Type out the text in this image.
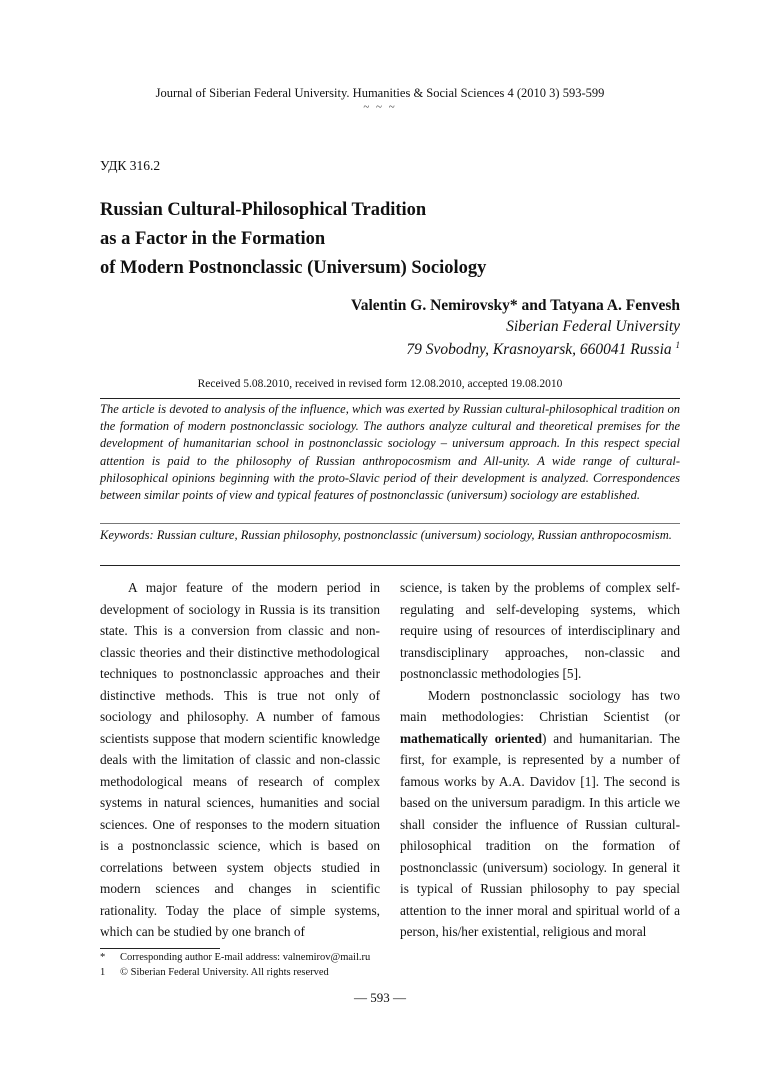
Journal of Siberian Federal University. Humanities & Social Sciences 4 (2010 3) 593-599
~ ~ ~
УДК 316.2
Russian Cultural-Philosophical Tradition
as a Factor in the Formation
of Modern Postnonclassic (Universum) Sociology
Valentin G. Nemirovsky* and Tatyana A. Fenvesh
Siberian Federal University
79 Svobodny, Krasnoyarsk, 660041 Russia $^1$
Received 5.08.2010, received in revised form 12.08.2010, accepted 19.08.2010
The article is devoted to analysis of the influence, which was exerted by Russian cultural-philosophical tradition on the formation of modern postnonclassic sociology. The authors analyze cultural and theoretical premises for the development of humanitarian school in postnonclassic sociology – universum approach. In this respect special attention is paid to the philosophy of Russian anthropocosmism and All-unity. A wide range of cultural-philosophical opinions beginning with the proto-Slavic period of their development is analyzed. Correspondences between similar points of view and typical features of postnonclassic (universum) sociology are established.
Keywords: Russian culture, Russian philosophy, postnonclassic (universum) sociology, Russian anthropocosmism.

A major feature of the modern period in development of sociology in Russia is its transition state. This is a conversion from classic and non-classic theories and their distinctive methodological techniques to postnonclassic approaches and their distinctive methods. This is true not only of sociology and philosophy. A number of famous scientists suppose that modern scientific knowledge deals with the limitation of classic and non-classic methodological means of research of complex systems in natural sciences, humanities and social sciences. One of responses to the modern situation is a postnonclassic science, which is based on correlations between system objects studied in modern sciences and changes in scientific rationality. Today the place of simple systems, which can be studied by one branch of

science, is taken by the problems of complex self-regulating and self-developing systems, which require using of resources of interdisciplinary and transdisciplinary approaches, non-classic and postnonclassic methodologies [5].

Modern postnonclassic sociology has two main methodologies: Christian Scientist (or mathematically oriented) and humanitarian. The first, for example, is represented by a number of famous works by A.A. Davidov [1]. The second is based on the universum paradigm. In this article we shall consider the influence of Russian cultural-philosophical tradition on the formation of postnonclassic (universum) sociology. In general it is typical of Russian philosophy to pay special attention to the inner moral and spiritual world of a person, his/her existential, religious and moral

* Corresponding author E-mail address: valnemirov@mail.ru
1 © Siberian Federal University. All rights reserved
— 593 —
